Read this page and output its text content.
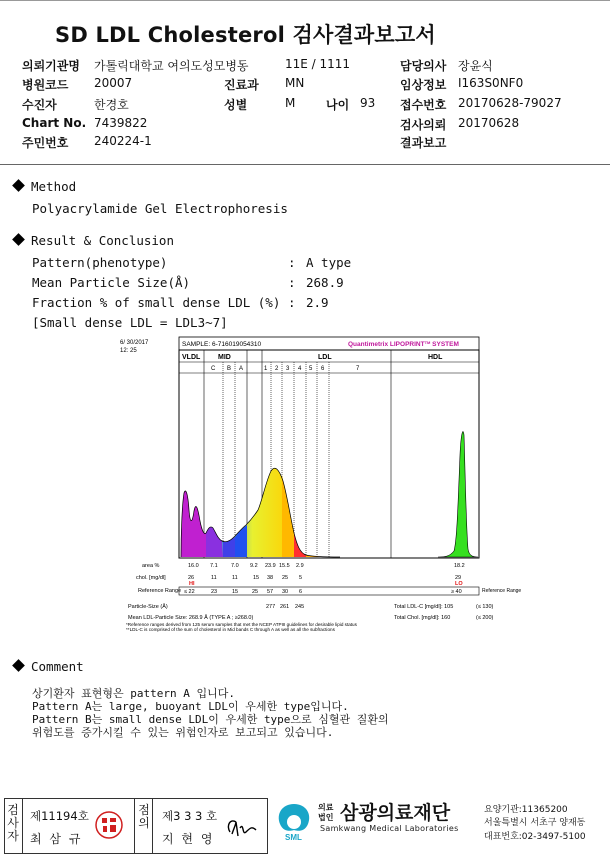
SD LDL Cholesterol 검사결과보고서
의뢰기관명 가톨릭대학교 여의도성모병동	11E / 1111	담당의사 장윤식
병원코드 20007	진료과 MN	임상정보 I163S0NF0
수진자	한경호	성별	M	나이 93 접수번호 20170628-79027
Chart No. 7439822	검사의뢰 20170628
주민번호 240224-1	결과보고
Method
Polyacrylamide Gel Electrophoresis
Result & Conclusion
Pattern(phenotype)	: A type
Mean Particle Size(Å)	: 268.9
Fraction % of small dense LDL (%) : 2.9
[Small dense LDL = LDL3~7]
6/ 30/2017
12: 25
SAMPLE: 6-716019054310	Quantimetrix LIPOPRINT™ SYSTEM
VLDL	MID	LDL	HDL
C B A	1 2 3 4 5 6	7
area %	16.0 7.1 7.0 9.2 23.9 15.5 2.9	18.2
chol. [mg/dl]	26	11	11	15 38 25 5	29
HI	LO
Reference Range ≤ 22	23	15	25 57 30 6	≥ 40	Reference Range
Particle-Size (Å)	277 261 245	Total LDL-C [mg/dl]: 105	(≤ 130)
Mean LDL-Particle Size: 268.9 Å (TYPE A ; ≥268.0)	Total Chol. [mg/dl]: 160	(≤ 200)
*Reference ranges derived from 125 serum samples that met the NCEP ATPIII guidelines for desirable lipid status
**LDL-C is comprised of the sum of cholesterol in Mid bands C through A as well as all the subfractions
Comment
상기환자 표현형은 pattern A 입니다.
Pattern A는 large, buoyant LDL이 우세한 type입니다.
Pattern B는 small dense LDL이 우세한 type으로 심혈관 질환의
위험도를 증가시킬 수 있는 위험인자로 보고되고 있습니다.
검
사
자
제11194호
최 삼 규
점
의 제3 3 3 호
지 현 영	SML
의료
법인 삼광의료재단
Samkwang Medical Laboratories
요양기관:11365200
서울특별시 서초구 양재동
대표번호:02-3497-5100
